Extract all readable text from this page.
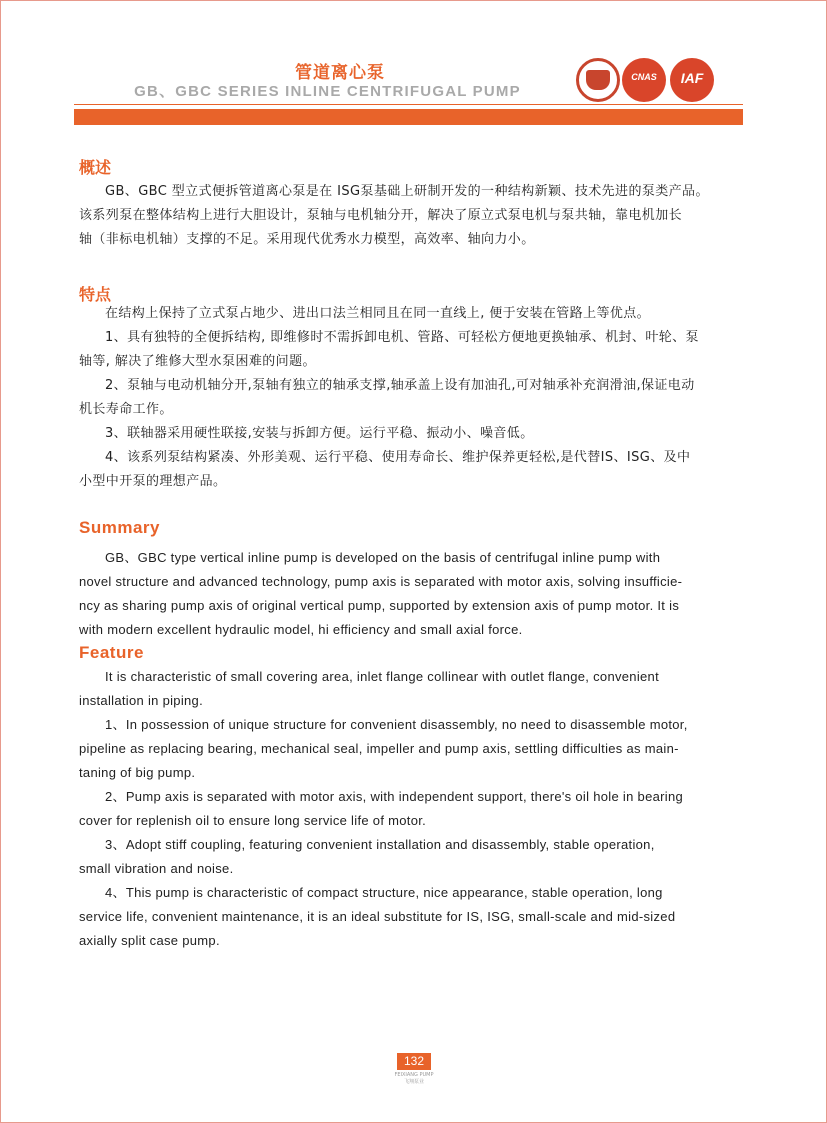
管道离心泵
GB、GBC SERIES INLINE CENTRIFUGAL PUMP
CNAS	IAF
概述
GB、GBC 型立式便拆管道离心泵是在 ISG泵基础上研制开发的一种结构新颖、技术先进的泵类产品。
该系列泵在整体结构上进行大胆设计，泵轴与电机轴分开，解决了原立式泵电机与泵共轴，靠电机加长
轴（非标电机轴）支撑的不足。采用现代优秀水力模型，高效率、轴向力小。
特点
在结构上保持了立式泵占地少、进出口法兰相同且在同一直线上, 便于安装在管路上等优点。
1、具有独特的全便拆结构, 即维修时不需拆卸电机、管路、可轻松方便地更换轴承、机封、叶轮、泵
轴等, 解决了维修大型水泵困难的问题。
2、泵轴与电动机轴分开,泵轴有独立的轴承支撑,轴承盖上设有加油孔,可对轴承补充润滑油,保证电动
机长寿命工作。
3、联轴器采用硬性联接,安装与拆卸方便。运行平稳、振动小、噪音低。
4、该系列泵结构紧凑、外形美观、运行平稳、使用寿命长、维护保养更轻松,是代替IS、ISG、及中
小型中开泵的理想产品。
Summary
GB、GBC type vertical inline pump is developed on the basis of centrifugal inline pump with
novel structure and advanced technology, pump axis is separated with motor axis, solving insufficie-
ncy as sharing pump axis of original vertical pump, supported by extension axis of pump motor. It is
with modern excellent hydraulic model, hi efficiency and small axial force.
Feature
It is characteristic of small covering area, inlet flange collinear with outlet flange, convenient
installation in piping.
1、In possession of unique structure for convenient disassembly, no need to disassemble motor,
pipeline as replacing bearing, mechanical seal, impeller and pump axis, settling difficulties as main-
taning of big pump.
2、Pump axis is separated with motor axis, with independent support, there's oil hole in bearing
cover for replenish oil to ensure long service life of motor.
3、Adopt stiff coupling, featuring convenient installation and disassembly, stable operation,
small vibration and noise.
4、This pump is characteristic of compact structure, nice appearance, stable operation, long
service life, convenient maintenance, it is an ideal substitute for IS, ISG, small-scale and mid-sized
axially split case pump.
132
FEIXIANG PUMP
飞翔泵业
